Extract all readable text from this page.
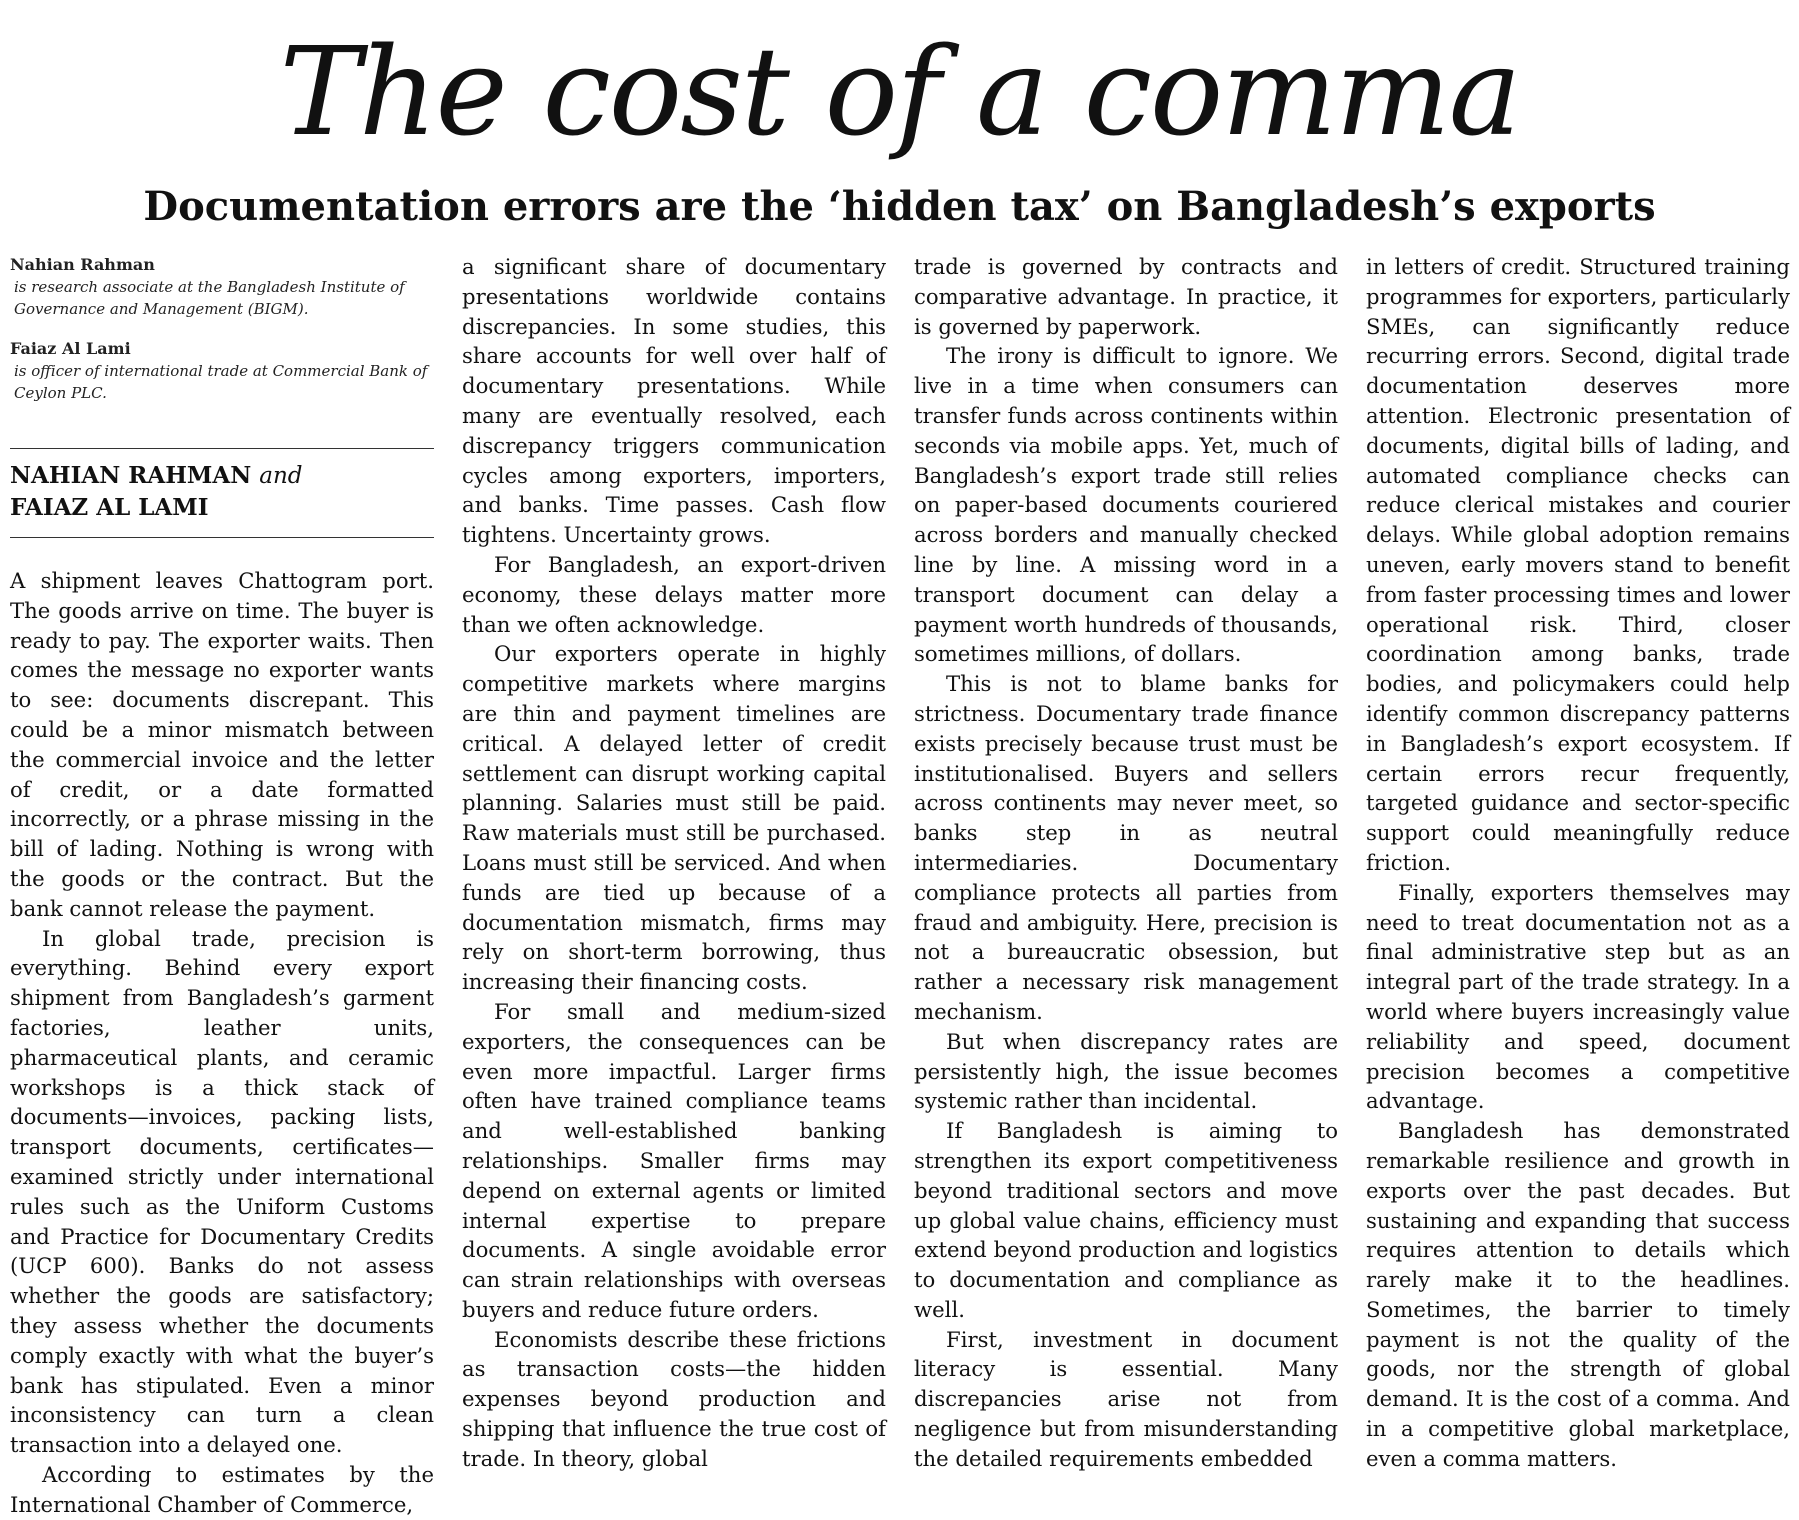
The cost of a comma
Documentation errors are the ‘hidden tax’ on Bangladesh’s exports
Nahian Rahman
is research associate at the Bangladesh Institute of Governance and Management (BIGM).
Faiaz Al Lami
is officer of international trade at Commercial Bank of Ceylon PLC.
NAHIAN RAHMAN and
FAIAZ AL LAMI

A shipment leaves Chattogram port. The goods arrive on time. The buyer is ready to pay. The exporter waits. Then comes the message no exporter wants to see: documents discrepant. This could be a minor mismatch between the commercial invoice and the letter of credit, or a date formatted incorrectly, or a phrase missing in the bill of lading. Nothing is wrong with the goods or the contract. But the bank cannot release the payment.

In global trade, precision is everything. Behind every export shipment from Bangladesh’s garment factories, leather units, pharmaceutical plants, and ceramic workshops is a thick stack of documents—invoices, packing lists, transport documents, certificates—examined strictly under international rules such as the Uniform Customs and Practice for Documentary Credits (UCP 600). Banks do not assess whether the goods are satisfactory; they assess whether the documents comply exactly with what the buyer’s bank has stipulated. Even a minor inconsistency can turn a clean transaction into a delayed one.

According to estimates by the International Chamber of Commerce,

a significant share of documentary presentations worldwide contains discrepancies. In some studies, this share accounts for well over half of documentary presentations. While many are eventually resolved, each discrepancy triggers communication cycles among exporters, importers, and banks. Time passes. Cash flow tightens. Uncertainty grows.

For Bangladesh, an export-driven economy, these delays matter more than we often acknowledge.

Our exporters operate in highly competitive markets where margins are thin and payment timelines are critical. A delayed letter of credit settlement can disrupt working capital planning. Salaries must still be paid. Raw materials must still be purchased. Loans must still be serviced. And when funds are tied up because of a documentation mismatch, firms may rely on short-term borrowing, thus increasing their financing costs.

For small and medium-sized exporters, the consequences can be even more impactful. Larger firms often have trained compliance teams and well-established banking relationships. Smaller firms may depend on external agents or limited internal expertise to prepare documents. A single avoidable error can strain relationships with overseas buyers and reduce future orders.

Economists describe these frictions as transaction costs—the hidden expenses beyond production and shipping that influence the true cost of trade. In theory, global

trade is governed by contracts and comparative advantage. In practice, it is governed by paperwork.

The irony is difficult to ignore. We live in a time when consumers can transfer funds across continents within seconds via mobile apps. Yet, much of Bangladesh’s export trade still relies on paper-based documents couriered across borders and manually checked line by line. A missing word in a transport document can delay a payment worth hundreds of thousands, sometimes millions, of dollars.

This is not to blame banks for strictness. Documentary trade finance exists precisely because trust must be institutionalised. Buyers and sellers across continents may never meet, so banks step in as neutral intermediaries. Documentary compliance protects all parties from fraud and ambiguity. Here, precision is not a bureaucratic obsession, but rather a necessary risk management mechanism.

But when discrepancy rates are persistently high, the issue becomes systemic rather than incidental.

If Bangladesh is aiming to strengthen its export competitiveness beyond traditional sectors and move up global value chains, efficiency must extend beyond production and logistics to documentation and compliance as well.

First, investment in document literacy is essential. Many discrepancies arise not from negligence but from misunderstanding the detailed requirements embedded

in letters of credit. Structured training programmes for exporters, particularly SMEs, can significantly reduce recurring errors. Second, digital trade documentation deserves more attention. Electronic presentation of documents, digital bills of lading, and automated compliance checks can reduce clerical mistakes and courier delays. While global adoption remains uneven, early movers stand to benefit from faster processing times and lower operational risk. Third, closer coordination among banks, trade bodies, and policymakers could help identify common discrepancy patterns in Bangladesh’s export ecosystem. If certain errors recur frequently, targeted guidance and sector-specific support could meaningfully reduce friction.

Finally, exporters themselves may need to treat documentation not as a final administrative step but as an integral part of the trade strategy. In a world where buyers increasingly value reliability and speed, document precision becomes a competitive advantage.

Bangladesh has demonstrated remarkable resilience and growth in exports over the past decades. But sustaining and expanding that success requires attention to details which rarely make it to the headlines. Sometimes, the barrier to timely payment is not the quality of the goods, nor the strength of global demand. It is the cost of a comma. And in a competitive global marketplace, even a comma matters.
